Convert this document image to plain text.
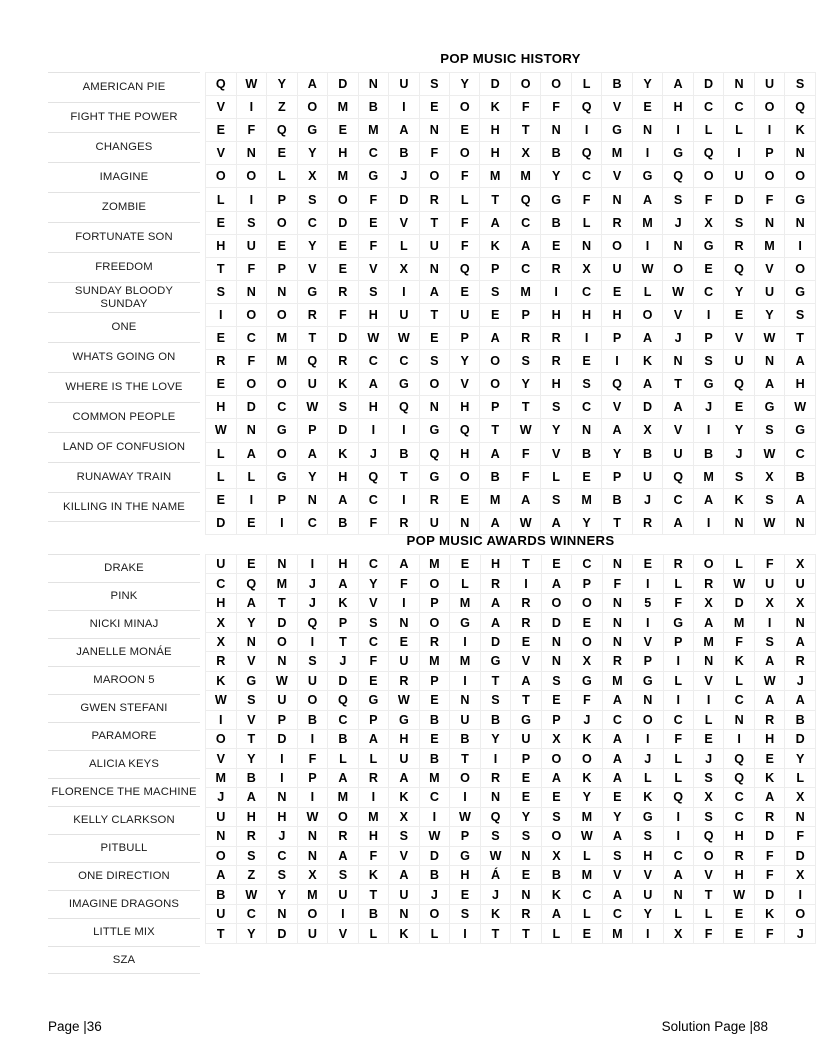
AMERICAN PIE
FIGHT THE POWER
CHANGES
IMAGINE
ZOMBIE
FORTUNATE SON
FREEDOM
SUNDAY BLOODY SUNDAY
ONE
WHATS GOING ON
WHERE IS THE LOVE
COMMON PEOPLE
LAND OF CONFUSION
RUNAWAY TRAIN
KILLING IN THE NAME
POP MUSIC HISTORY
Q	W	Y	A	D	N	U	S	Y	D	O	O	L	B	Y	A	D	N	U	S
V	I	Z	O	M	B	I	E	O	K	F	F	Q	V	E	H	C	C	O	Q
E	F	Q	G	E	M	A	N	E	H	T	N	I	G	N	I	L	L	I	K
V	N	E	Y	H	C	B	F	O	H	X	B	Q	M	I	G	Q	I	P	N
O	O	L	X	M	G	J	O	F	M	M	Y	C	V	G	Q	O	U	O	O
L	I	P	S	O	F	D	R	L	T	Q	G	F	N	A	S	F	D	F	G
E	S	O	C	D	E	V	T	F	A	C	B	L	R	M	J	X	S	N	N
H	U	E	Y	E	F	L	U	F	K	A	E	N	O	I	N	G	R	M	I
T	F	P	V	E	V	X	N	Q	P	C	R	X	U	W	O	E	Q	V	O
S	N	N	G	R	S	I	A	E	S	M	I	C	E	L	W	C	Y	U	G
I	O	O	R	F	H	U	T	U	E	P	H	H	H	O	V	I	E	Y	S
E	C	M	T	D	W	W	E	P	A	R	R	I	P	A	J	P	V	W	T
R	F	M	Q	R	C	C	S	Y	O	S	R	E	I	K	N	S	U	N	A
E	O	O	U	K	A	G	O	V	O	Y	H	S	Q	A	T	G	Q	A	H
H	D	C	W	S	H	Q	N	H	P	T	S	C	V	D	A	J	E	G	W
W	N	G	P	D	I	I	G	Q	T	W	Y	N	A	X	V	I	Y	S	G
L	A	O	A	K	J	B	Q	H	A	F	V	B	Y	B	U	B	J	W	C
L	L	G	Y	H	Q	T	G	O	B	F	L	E	P	U	Q	M	S	X	B
E	I	P	N	A	C	I	R	E	M	A	S	M	B	J	C	A	K	S	A
D	E	I	C	B	F	R	U	N	A	W	A	Y	T	R	A	I	N	W	N
DRAKE
PINK
NICKI MINAJ
JANELLE MONÁE
MAROON 5
GWEN STEFANI
PARAMORE
ALICIA KEYS
FLORENCE THE MACHINE
KELLY CLARKSON
PITBULL
ONE DIRECTION
IMAGINE DRAGONS
LITTLE MIX
SZA
POP MUSIC AWARDS WINNERS
U	E	N	I	H	C	A	M	E	H	T	E	C	N	E	R	O	L	F	X
C	Q	M	J	A	Y	F	O	L	R	I	A	P	F	I	L	R	W	U	U
H	A	T	J	K	V	I	P	M	A	R	O	O	N	5	F	X	D	X	X
X	Y	D	Q	P	S	N	O	G	A	R	D	E	N	I	G	A	M	I	N
X	N	O	I	T	C	E	R	I	D	E	N	O	N	V	P	M	F	S	A
R	V	N	S	J	F	U	M	M	G	V	N	X	R	P	I	N	K	A	R
K	G	W	U	D	E	R	P	I	T	A	S	G	M	G	L	V	L	W	J
W	S	U	O	Q	G	W	E	N	S	T	E	F	A	N	I	I	C	A	A
I	V	P	B	C	P	G	B	U	B	G	P	J	C	O	C	L	N	R	B
O	T	D	I	B	A	H	E	B	Y	U	X	K	A	I	F	E	I	H	D
V	Y	I	F	L	L	U	B	T	I	P	O	O	A	J	L	J	Q	E	Y
M	B	I	P	A	R	A	M	O	R	E	A	K	A	L	L	S	Q	K	L
J	A	N	I	M	I	K	C	I	N	E	E	Y	E	K	Q	X	C	A	X
U	H	H	W	O	M	X	I	W	Q	Y	S	M	Y	G	I	S	C	R	N
N	R	J	N	R	H	S	W	P	S	S	O	W	A	S	I	Q	H	D	F
O	S	C	N	A	F	V	D	G	W	N	X	L	S	H	C	O	R	F	D
A	Z	S	X	S	K	A	B	H	Á	E	B	M	V	V	A	V	H	F	X
B	W	Y	M	U	T	U	J	E	J	N	K	C	A	U	N	T	W	D	I
U	C	N	O	I	B	N	O	S	K	R	A	L	C	Y	L	L	E	K	O
T	Y	D	U	V	L	K	L	I	T	T	L	E	M	I	X	F	E	F	J
Page |36	Solution Page |88
